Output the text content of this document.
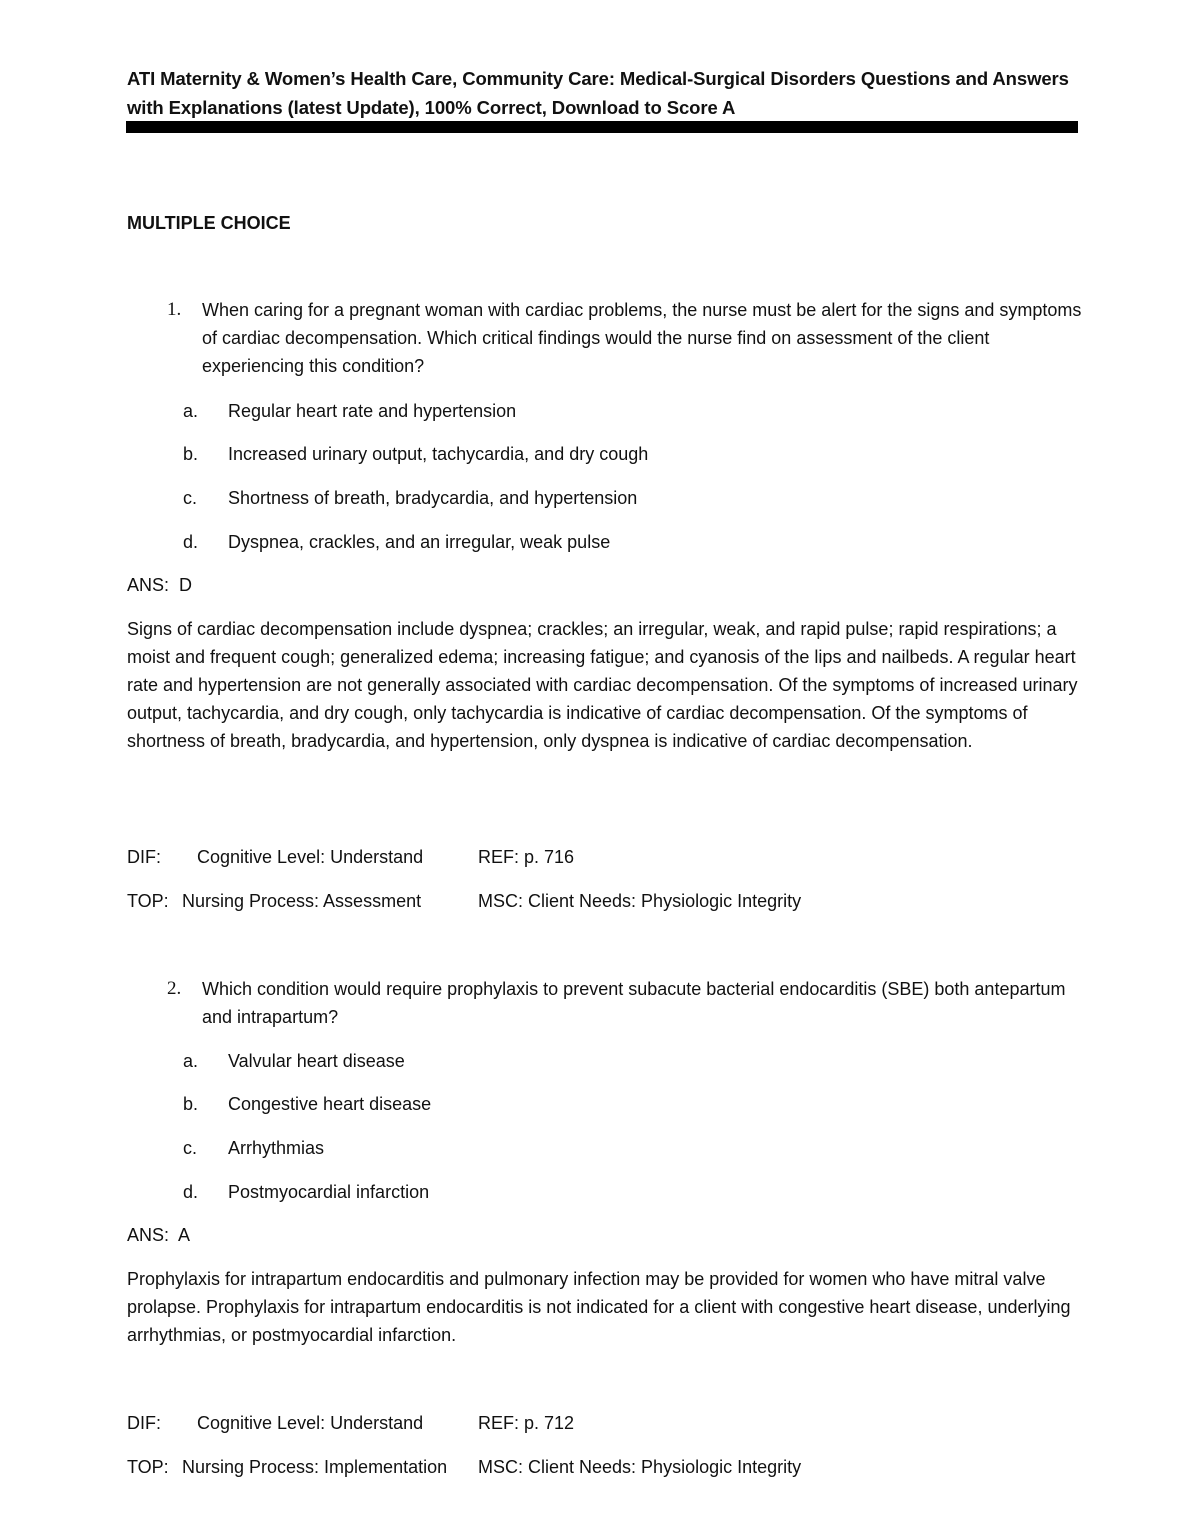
ATI Maternity & Women’s Health Care, Community Care: Medical-Surgical Disorders Questions and Answers with Explanations (latest Update), 100% Correct, Download to Score A
MULTIPLE CHOICE
1. When caring for a pregnant woman with cardiac problems, the nurse must be alert for the signs and symptoms of cardiac decompensation. Which critical findings would the nurse find on assessment of the client experiencing this condition?
a. Regular heart rate and hypertension
b. Increased urinary output, tachycardia, and dry cough
c.	Shortness of breath, bradycardia, and hypertension
d. Dyspnea, crackles, and an irregular, weak pulse
ANS:  D
Signs of cardiac decompensation include dyspnea; crackles; an irregular, weak, and rapid pulse; rapid respirations; a moist and frequent cough; generalized edema; increasing fatigue; and cyanosis of the lips and nailbeds. A regular heart rate and hypertension are not generally associated with cardiac decompensation. Of the symptoms of increased urinary output, tachycardia, and dry cough, only tachycardia is indicative of cardiac decompensation. Of the symptoms of shortness of breath, bradycardia, and hypertension, only dyspnea is indicative of cardiac decompensation.
DIF: Cognitive Level: Understand	REF: p. 716
TOP: Nursing Process: Assessment	MSC: Client Needs: Physiologic Integrity
2. Which condition would require prophylaxis to prevent subacute bacterial endocarditis (SBE) both antepartum and intrapartum?
a. Valvular heart disease
b. Congestive heart disease
c.	Arrhythmias
d. Postmyocardial infarction
ANS:  A
Prophylaxis for intrapartum endocarditis and pulmonary infection may be provided for women who have mitral valve prolapse. Prophylaxis for intrapartum endocarditis is not indicated for a client with congestive heart disease, underlying arrhythmias, or postmyocardial infarction.
DIF: Cognitive Level: Understand	REF: p. 712
TOP: Nursing Process: Implementation MSC: Client Needs: Physiologic Integrity
